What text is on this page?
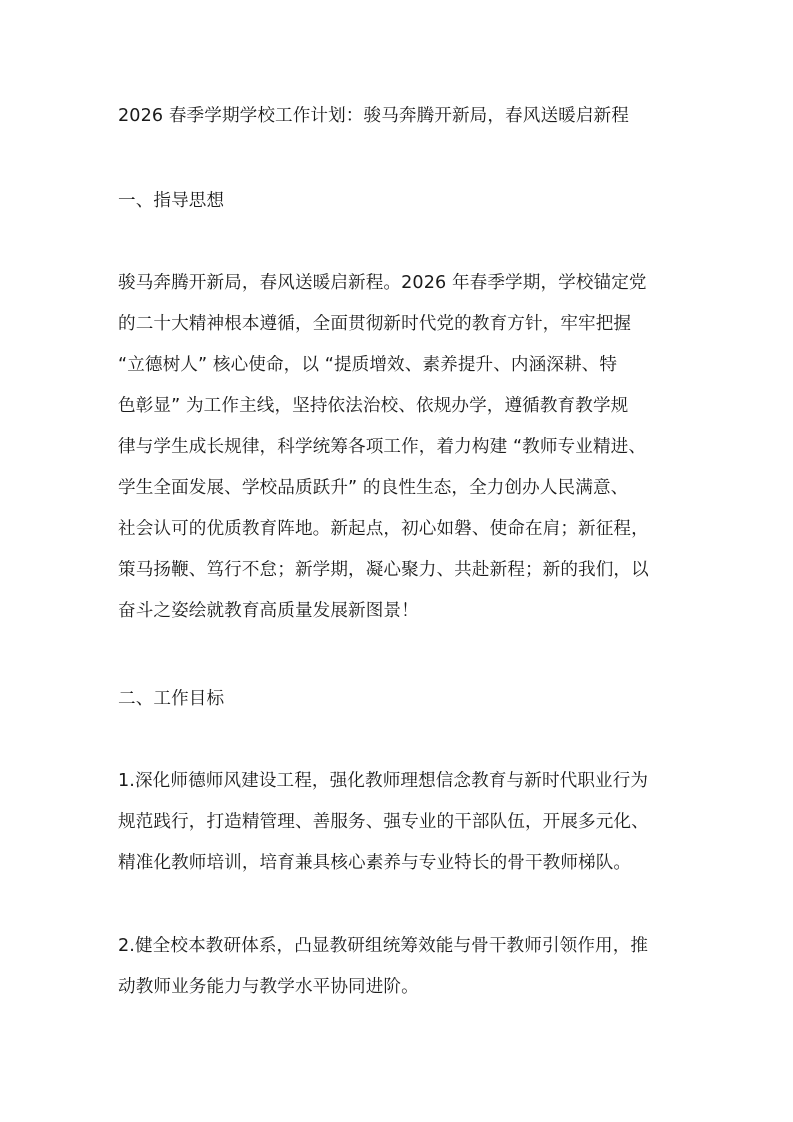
2026 春季学期学校工作计划：骏马奔腾开新局，春风送暖启新程
一、指导思想
骏马奔腾开新局，春风送暖启新程。2026 年春季学期，学校锚定党
的二十大精神根本遵循，全面贯彻新时代党的教育方针，牢牢把握
“立德树人” 核心使命，以 “提质增效、素养提升、内涵深耕、特
色彰显” 为工作主线，坚持依法治校、依规办学，遵循教育教学规
律与学生成长规律，科学统筹各项工作，着力构建 “教师专业精进、
学生全面发展、学校品质跃升” 的良性生态，全力创办人民满意、
社会认可的优质教育阵地。新起点，初心如磐、使命在肩；新征程，
策马扬鞭、笃行不怠；新学期，凝心聚力、共赴新程；新的我们，以
奋斗之姿绘就教育高质量发展新图景！
二、工作目标
1.深化师德师风建设工程，强化教师理想信念教育与新时代职业行为
规范践行，打造精管理、善服务、强专业的干部队伍，开展多元化、
精准化教师培训，培育兼具核心素养与专业特长的骨干教师梯队。
2.健全校本教研体系，凸显教研组统筹效能与骨干教师引领作用，推
动教师业务能力与教学水平协同进阶。
